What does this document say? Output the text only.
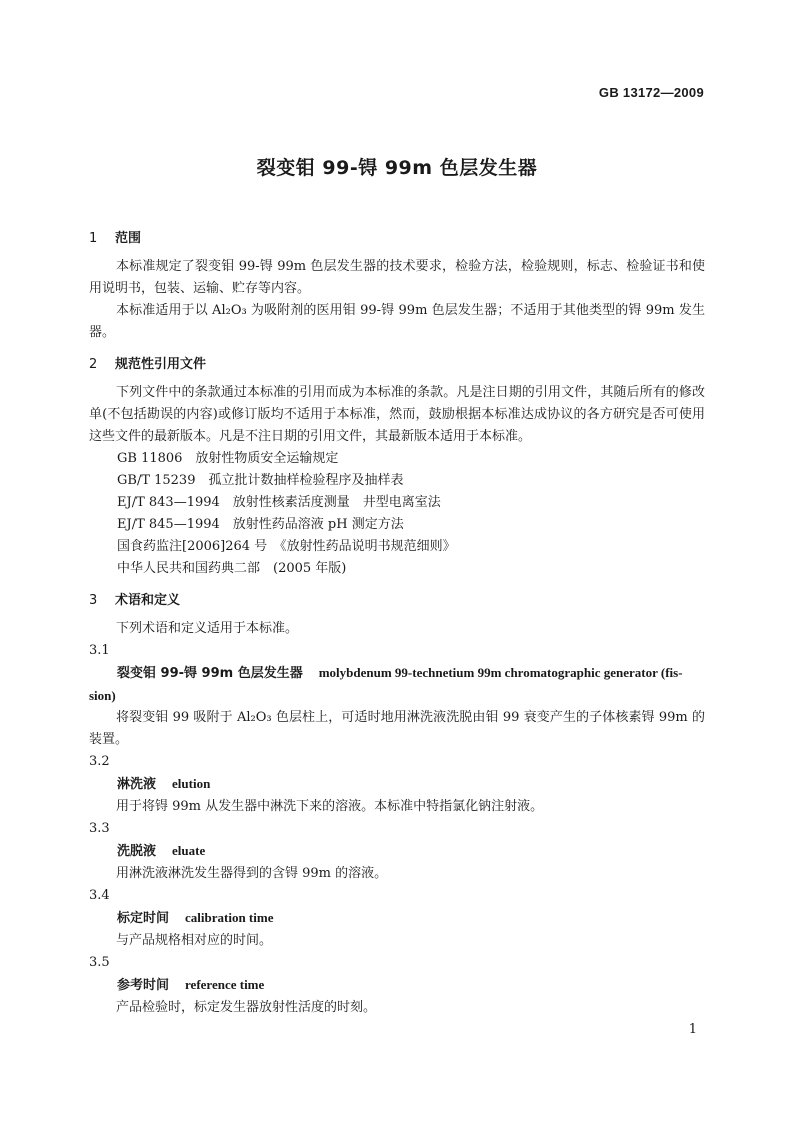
GB 13172—2009
裂变钼 99-锝 99m 色层发生器
1 范围

本标准规定了裂变钼 99-锝 99m 色层发生器的技术要求，检验方法，检验规则，标志、检验证书和使用说明书，包装、运输、贮存等内容。

本标准适用于以 Al₂O₃ 为吸附剂的医用钼 99-锝 99m 色层发生器；不适用于其他类型的锝 99m 发生器。

2 规范性引用文件

下列文件中的条款通过本标准的引用而成为本标准的条款。凡是注日期的引用文件，其随后所有的修改单(不包括勘误的内容)或修订版均不适用于本标准，然而，鼓励根据本标准达成协议的各方研究是否可使用这些文件的最新版本。凡是不注日期的引用文件，其最新版本适用于本标准。

GB 11806　放射性物质安全运输规定
GB/T 15239　孤立批计数抽样检验程序及抽样表
EJ/T 843—1994　放射性核素活度测量　井型电离室法
EJ/T 845—1994　放射性药品溶液 pH 测定方法
国食药监注[2006]264 号　《放射性药品说明书规范细则》
中华人民共和国药典二部　(2005 年版)
3 术语和定义

下列术语和定义适用于本标准。

3.1
裂变钼 99-锝 99m 色层发生器 molybdenum 99-technetium 99m chromatographic generator (fis-
sion)

将裂变钼 99 吸附于 Al₂O₃ 色层柱上，可适时地用淋洗液洗脱由钼 99 衰变产生的子体核素锝 99m 的装置。

3.2
淋洗液 elution

用于将锝 99m 从发生器中淋洗下来的溶液。本标准中特指氯化钠注射液。

3.3
洗脱液 eluate

用淋洗液淋洗发生器得到的含锝 99m 的溶液。

3.4
标定时间 calibration time

与产品规格相对应的时间。

3.5
参考时间 reference time

产品检验时，标定发生器放射性活度的时刻。

1
